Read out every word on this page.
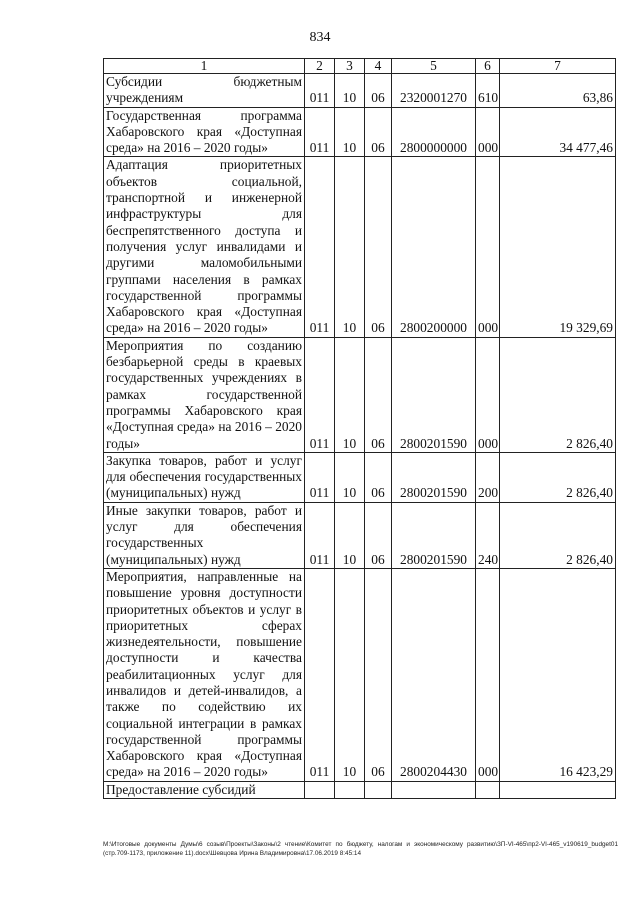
834
1	2	3	4	5	6	7
Субсидии бюджетным учреждениям	011	10	06	2320001270	610	63,86
Государственная программа Хабаровского края «Доступная среда» на 2016 – 2020 годы»	011	10	06	2800000000	000	34 477,46
Адаптация приоритетных объектов социальной, транспортной и инженерной инфраструктуры для беспрепятственного доступа и получения услуг инвалидами и другими маломобильными группами населения в рамках государственной программы Хабаровского края «Доступная среда» на 2016 – 2020 годы»	011	10	06	2800200000	000	19 329,69
Мероприятия по созданию безбарьерной среды в краевых государственных учреждениях в рамках государственной программы Хабаровского края «Доступная среда» на 2016 – 2020 годы»	011	10	06	2800201590	000	2 826,40
Закупка товаров, работ и услуг для обеспечения государственных (муниципальных) нужд	011	10	06	2800201590	200	2 826,40
Иные закупки товаров, работ и услуг для обеспечения государственных (муниципальных) нужд	011	10	06	2800201590	240	2 826,40
Мероприятия, направленные на повышение уровня доступности приоритетных объектов и услуг в приоритетных сферах жизнедеятельности, повышение доступности и качества реабилитационных услуг для инвалидов и детей-инвалидов, а также по содействию их социальной интеграции в рамках государственной программы Хабаровского края «Доступная среда» на 2016 – 2020 годы»	011	10	06	2800204430	000	16 423,29
Предоставление субсидий						
М:\Итоговые документы Думы\6 созыв\Проекты\Законы\2 чтение\Комитет по бюджету, налогам и экономическому развитию\ЗП-VI-465\пр2-VI-465_v190619_budget01 (стр.709-1173, приложение 11).docx\Шевцова Ирина Владимировна\17.06.2019 8:45:14
